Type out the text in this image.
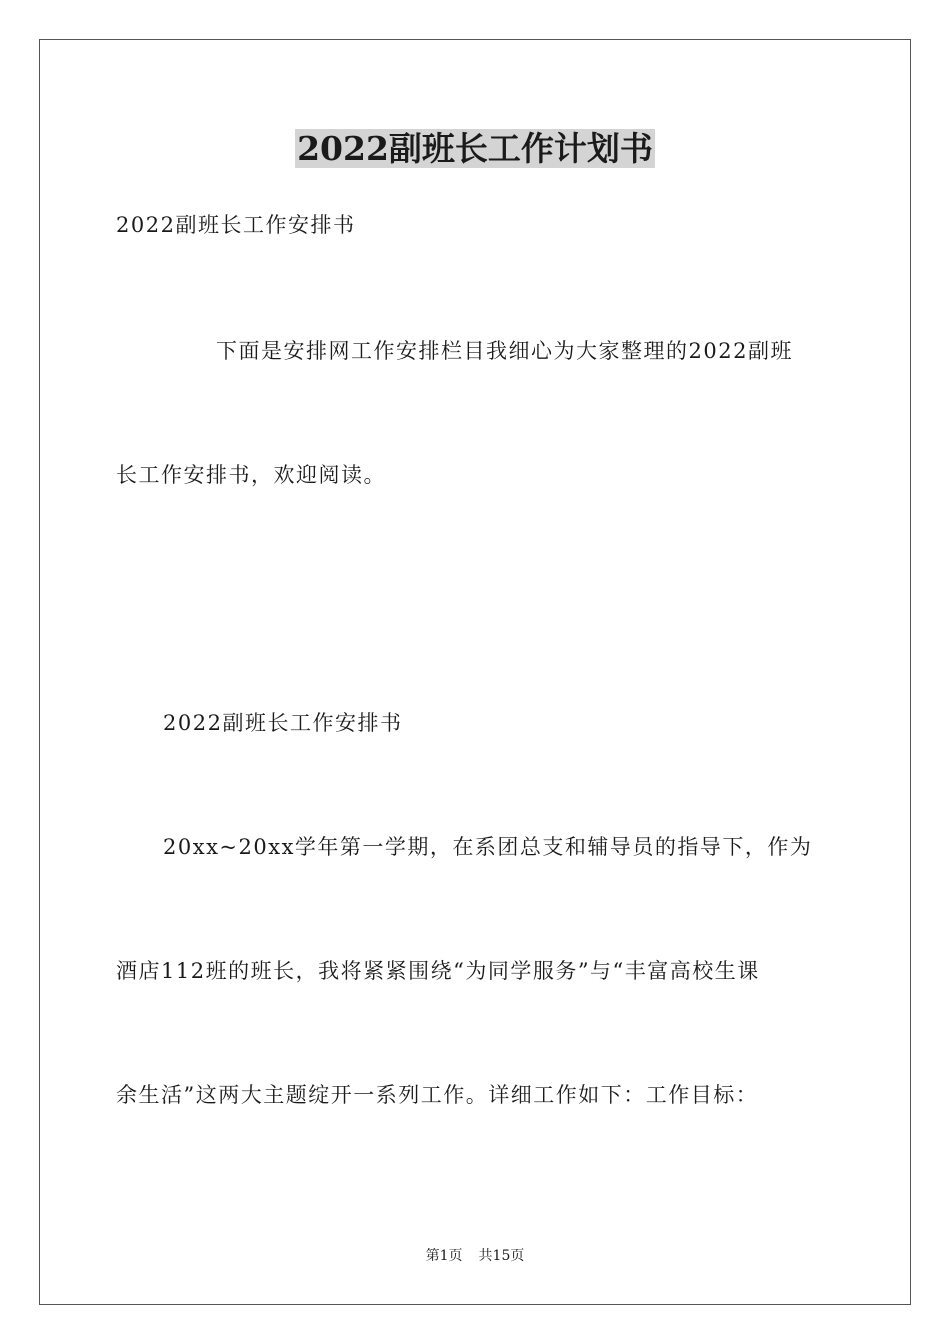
2022副班长工作计划书
2022副班长工作安排书
下面是安排网工作安排栏目我细心为大家整理的2022副班
长工作安排书，欢迎阅读。
2022副班长工作安排书
20xx~20xx学年第一学期，在系团总支和辅导员的指导下，作为
酒店112班的班长，我将紧紧围绕“为同学服务”与“丰富高校生课
余生活”这两大主题绽开一系列工作。详细工作如下：工作目标：
第1页 共15页
